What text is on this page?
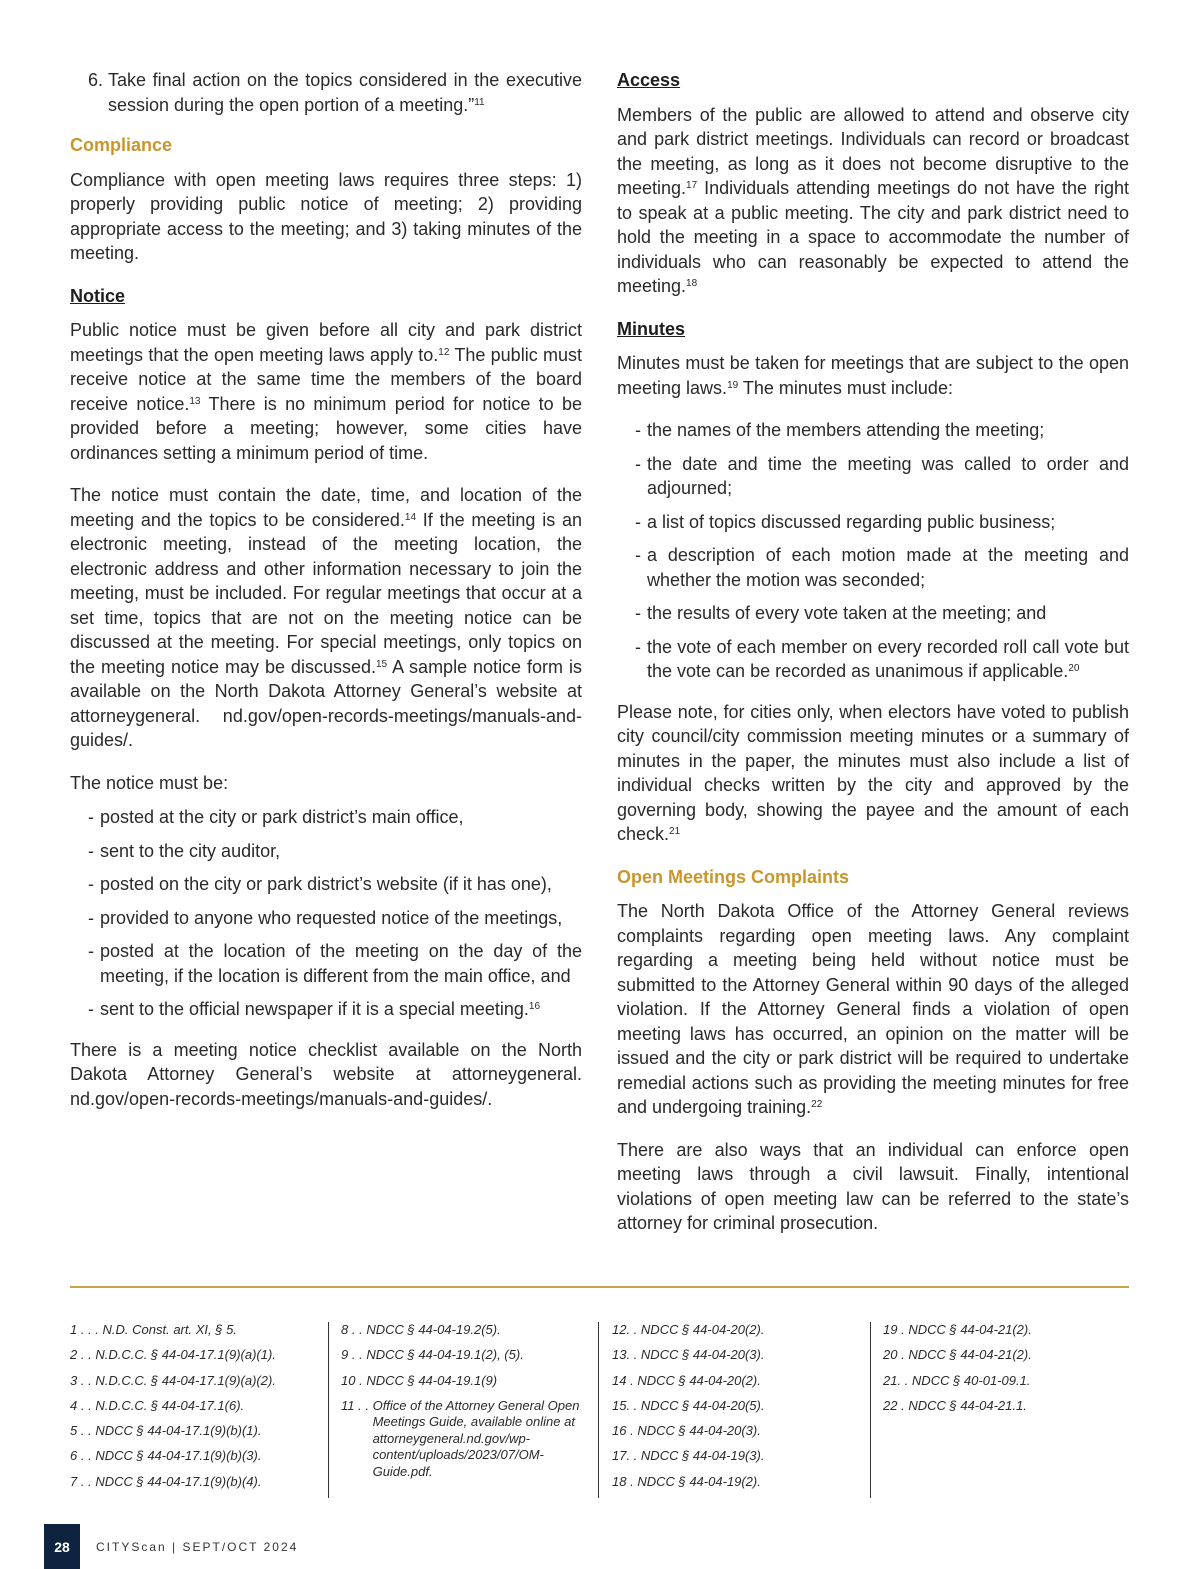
6. Take final action on the topics considered in the executive session during the open portion of a meeting.”$^{11}$
Compliance

Compliance with open meeting laws requires three steps: 1) properly providing public notice of meeting; 2) providing appropriate access to the meeting; and 3) taking minutes of the meeting.

Notice

Public notice must be given before all city and park district meetings that the open meeting laws apply to.$^{12}$ The public must receive notice at the same time the members of the board receive notice.$^{13}$ There is no minimum period for notice to be provided before a meeting; however, some cities have ordinances setting a minimum period of time.

The notice must contain the date, time, and location of the meeting and the topics to be considered.$^{14}$ If the meeting is an electronic meeting, instead of the meeting location, the electronic address and other information necessary to join the meeting, must be included. For regular meetings that occur at a set time, topics that are not on the meeting notice can be discussed at the meeting. For special meetings, only topics on the meeting notice may be discussed.$^{15}$ A sample notice form is available on the North Dakota Attorney General’s website at attorneygeneral. nd.gov/open-records-meetings/manuals-and-guides/.

The notice must be:

- posted at the city or park district’s main office,
- sent to the city auditor,
- posted on the city or park district’s website (if it has one),
- provided to anyone who requested notice of the meetings,
- posted at the location of the meeting on the day of the meeting, if the location is different from the main office, and
- sent to the official newspaper if it is a special meeting.$^{16}$

There is a meeting notice checklist available on the North Dakota Attorney General’s website at attorneygeneral. nd.gov/open-records-meetings/manuals-and-guides/.

Access

Members of the public are allowed to attend and observe city and park district meetings. Individuals can record or broadcast the meeting, as long as it does not become disruptive to the meeting.$^{17}$ Individuals attending meetings do not have the right to speak at a public meeting. The city and park district need to hold the meeting in a space to accommodate the number of individuals who can reasonably be expected to attend the meeting.$^{18}$

Minutes

Minutes must be taken for meetings that are subject to the open meeting laws.$^{19}$ The minutes must include:

- the names of the members attending the meeting;
- the date and time the meeting was called to order and adjourned;
- a list of topics discussed regarding public business;
- a description of each motion made at the meeting and whether the motion was seconded;
- the results of every vote taken at the meeting; and
- the vote of each member on every recorded roll call vote but the vote can be recorded as unanimous if applicable.$^{20}$

Please note, for cities only, when electors have voted to publish city council/city commission meeting minutes or a summary of minutes in the paper, the minutes must also include a list of individual checks written by the city and approved by the governing body, showing the payee and the amount of each check.$^{21}$

Open Meetings Complaints

The North Dakota Office of the Attorney General reviews complaints regarding open meeting laws. Any complaint regarding a meeting being held without notice must be submitted to the Attorney General within 90 days of the alleged violation. If the Attorney General finds a violation of open meeting laws has occurred, an opinion on the matter will be issued and the city or park district will be required to undertake remedial actions such as providing the meeting minutes for free and undergoing training.$^{22}$

There are also ways that an individual can enforce open meeting laws through a civil lawsuit. Finally, intentional violations of open meeting law can be referred to the state’s attorney for criminal prosecution.

1 . . .
N.D. Const. art. XI, § 5.
2 . .
N.D.C.C. § 44-04-17.1(9)(a)(1).
3 . .
N.D.C.C. § 44-04-17.1(9)(a)(2).
4 . .
N.D.C.C. § 44-04-17.1(6).
5 . .
NDCC § 44-04-17.1(9)(b)(1).
6 . .
NDCC § 44-04-17.1(9)(b)(3).
7 . .
NDCC § 44-04-17.1(9)(b)(4).
8 . .
NDCC § 44-04-19.2(5).
9 . .
NDCC § 44-04-19.1(2), (5).
10 .
NDCC § 44-04-19.1(9)
11 . .
Office of the Attorney General Open Meetings Guide, available online at attorneygeneral.nd.gov/wp-content/uploads/2023/07/OM-Guide.pdf.
12. .
NDCC § 44-04-20(2).
13. .
NDCC § 44-04-20(3).
14 .
NDCC § 44-04-20(2).
15. .
NDCC § 44-04-20(5).
16 .
NDCC § 44-04-20(3).
17. .
NDCC § 44-04-19(3).
18 .
NDCC § 44-04-19(2).
19 .
NDCC § 44-04-21(2).
20 .
NDCC § 44-04-21(2).
21. .
NDCC § 40-01-09.1.
22 .
NDCC § 44-04-21.1.
28	CITYScan | SEPT/OCT 2024
